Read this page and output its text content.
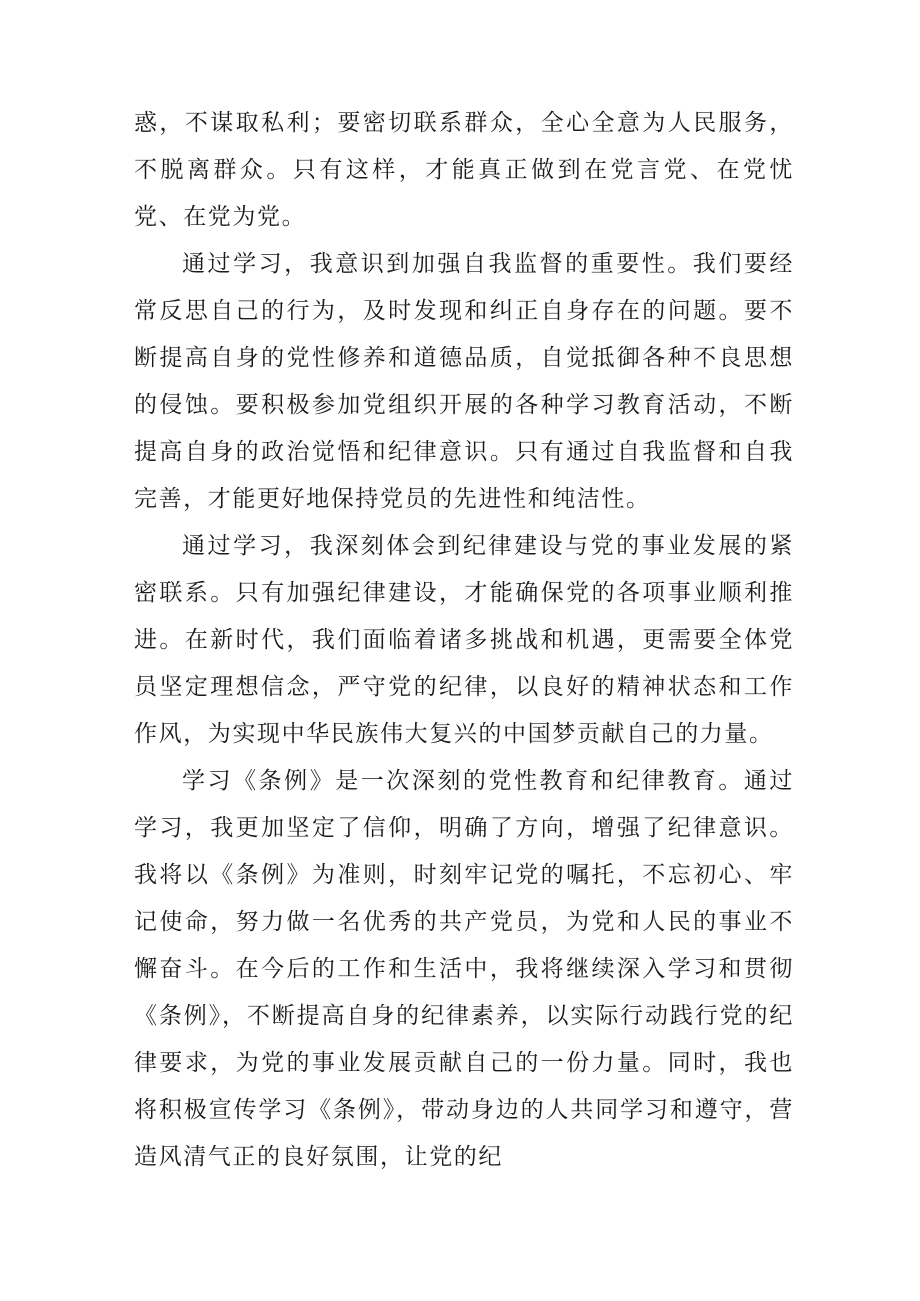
惑，不谋取私利；要密切联系群众，全心全意为人民服务，不脱离群众。只有这样，才能真正做到在党言党、在党忧党、在党为党。

通过学习，我意识到加强自我监督的重要性。我们要经常反思自己的行为，及时发现和纠正自身存在的问题。要不断提高自身的党性修养和道德品质，自觉抵御各种不良思想的侵蚀。要积极参加党组织开展的各种学习教育活动，不断提高自身的政治觉悟和纪律意识。只有通过自我监督和自我完善，才能更好地保持党员的先进性和纯洁性。

通过学习，我深刻体会到纪律建设与党的事业发展的紧密联系。只有加强纪律建设，才能确保党的各项事业顺利推进。在新时代，我们面临着诸多挑战和机遇，更需要全体党员坚定理想信念，严守党的纪律，以良好的精神状态和工作作风，为实现中华民族伟大复兴的中国梦贡献自己的力量。

学习《条例》是一次深刻的党性教育和纪律教育。通过学习，我更加坚定了信仰，明确了方向，增强了纪律意识。我将以《条例》为准则，时刻牢记党的嘱托，不忘初心、牢记使命，努力做一名优秀的共产党员，为党和人民的事业不懈奋斗。在今后的工作和生活中，我将继续深入学习和贯彻《条例》，不断提高自身的纪律素养，以实际行动践行党的纪律要求，为党的事业发展贡献自己的一份力量。同时，我也将积极宣传学习《条例》，带动身边的人共同学习和遵守，营造风清气正的良好氛围，让党的纪
